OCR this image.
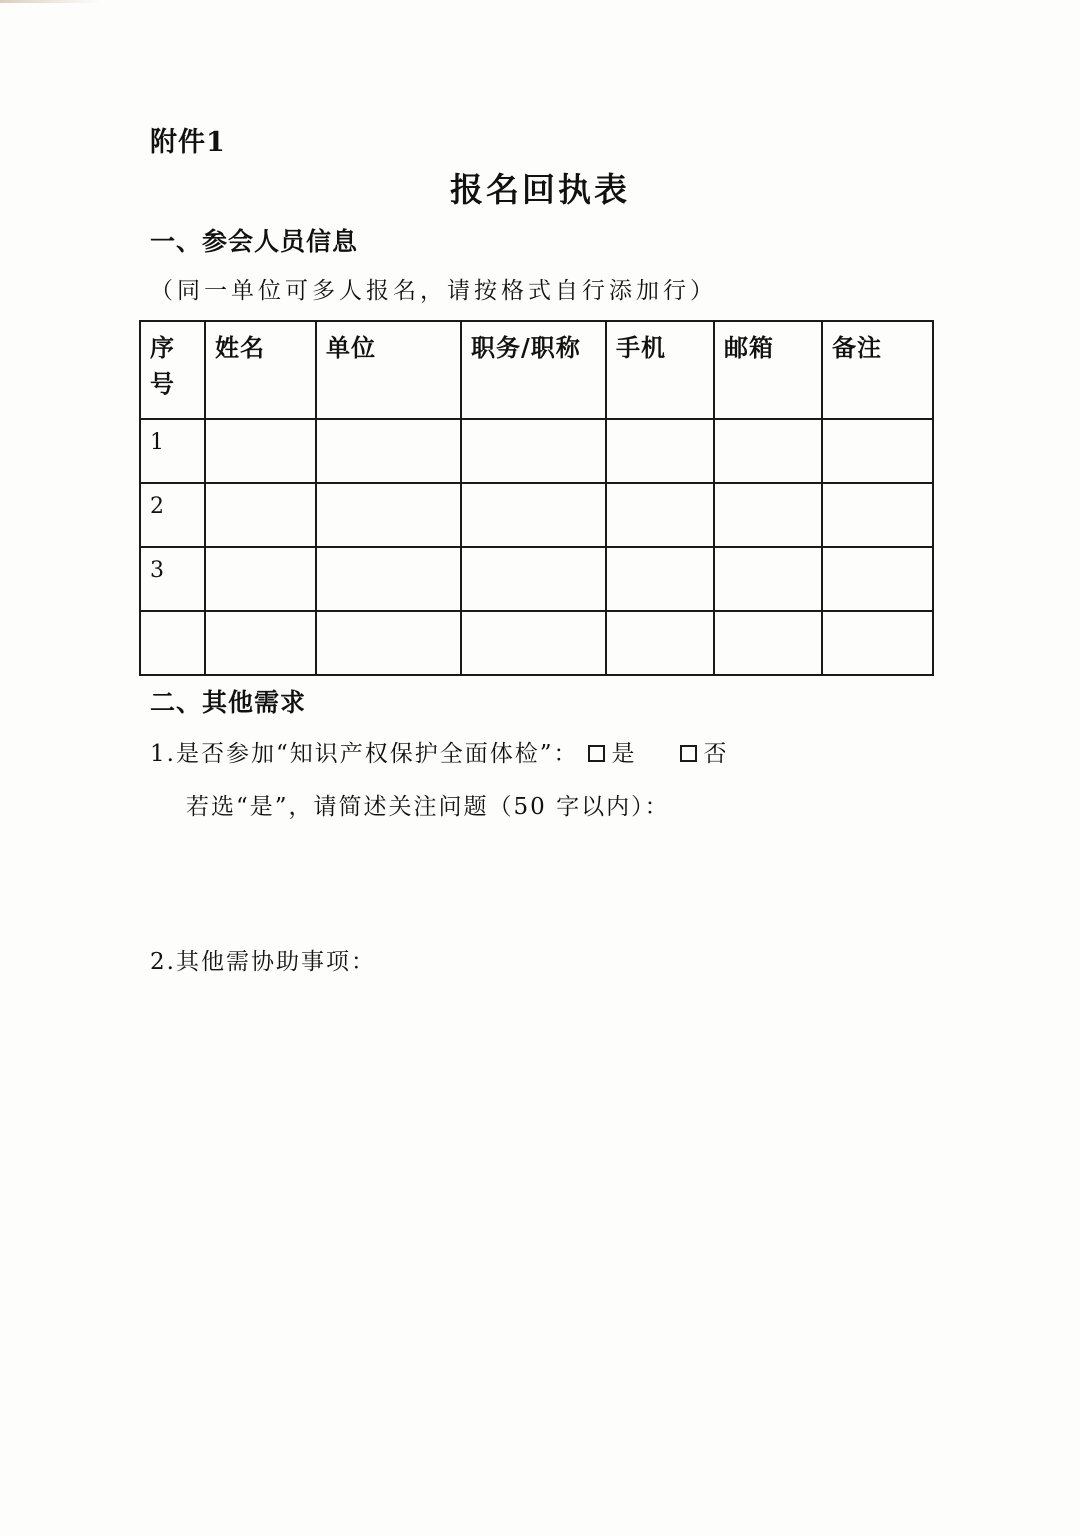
附件1
报名回执表
一、参会人员信息
（同一单位可多人报名，请按格式自行添加行）
序号	姓名	单位	职务/职称	手机	邮箱	备注
1						
2						
3						

二、其他需求
1.是否参加“知识产权保护全面体检”： 是	否
若选“是”，请简述关注问题（50 字以内）：
2.其他需协助事项：
